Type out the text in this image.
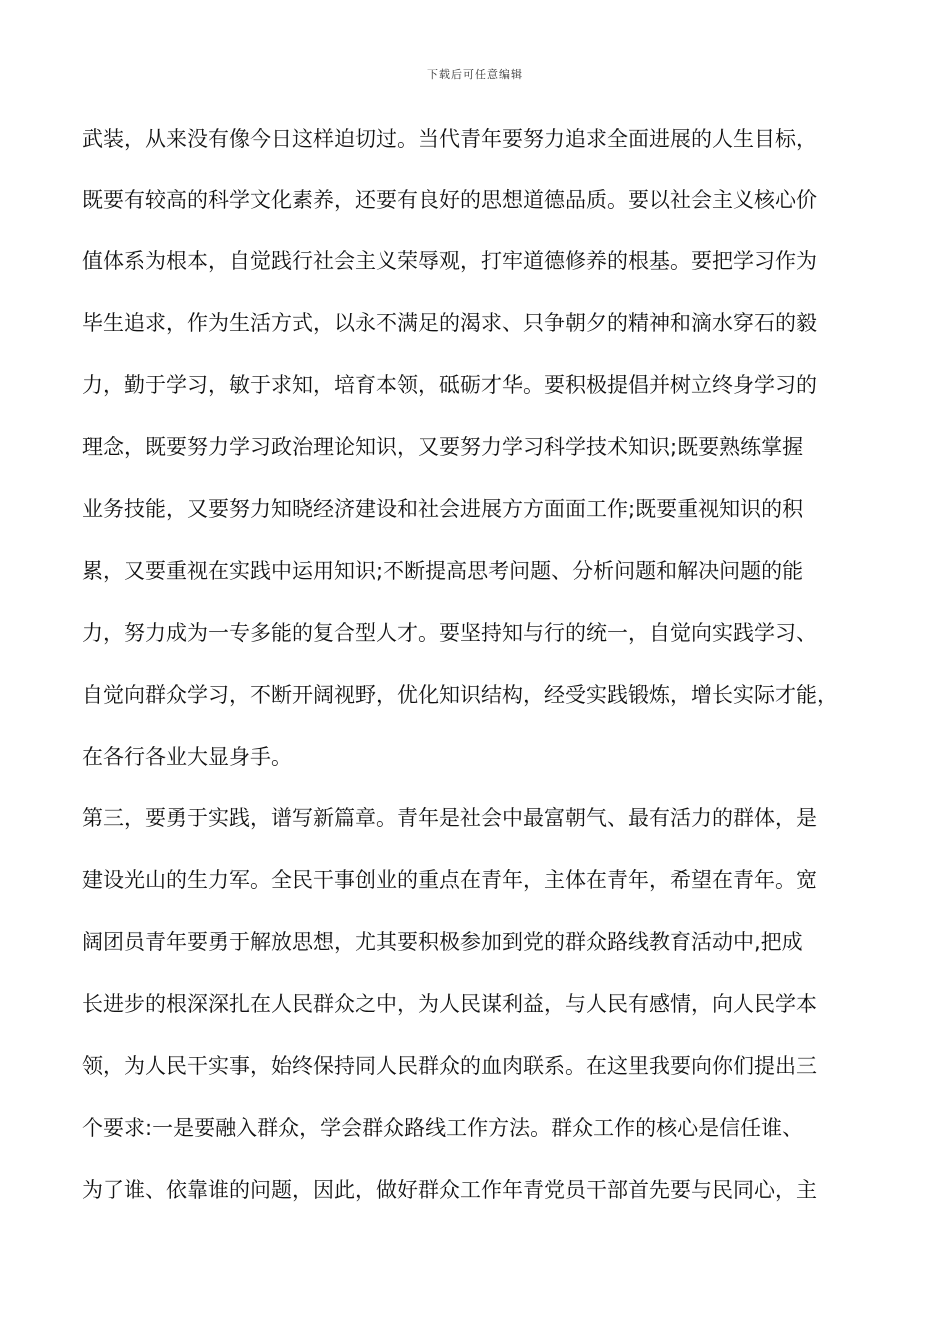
下载后可任意编辑
武装，从来没有像今日这样迫切过。当代青年要努力追求全面进展的人生目标，
既要有较高的科学文化素养，还要有良好的思想道德品质。要以社会主义核心价
值体系为根本，自觉践行社会主义荣辱观，打牢道德修养的根基。要把学习作为
毕生追求，作为生活方式，以永不满足的渴求、只争朝夕的精神和滴水穿石的毅
力，勤于学习，敏于求知，培育本领，砥砺才华。要积极提倡并树立终身学习的
理念，既要努力学习政治理论知识，又要努力学习科学技术知识;既要熟练掌握
业务技能，又要努力知晓经济建设和社会进展方方面面工作;既要重视知识的积
累，又要重视在实践中运用知识;不断提高思考问题、分析问题和解决问题的能
力，努力成为一专多能的复合型人才。要坚持知与行的统一，自觉向实践学习、
自觉向群众学习，不断开阔视野，优化知识结构，经受实践锻炼，增长实际才能，
在各行各业大显身手。
第三，要勇于实践，谱写新篇章。青年是社会中最富朝气、最有活力的群体，是
建设光山的生力军。全民干事创业的重点在青年，主体在青年，希望在青年。宽
阔团员青年要勇于解放思想，尤其要积极参加到党的群众路线教育活动中,把成
长进步的根深深扎在人民群众之中，为人民谋利益，与人民有感情，向人民学本
领，为人民干实事，始终保持同人民群众的血肉联系。在这里我要向你们提出三
个要求:一是要融入群众，学会群众路线工作方法。群众工作的核心是信任谁、
为了谁、依靠谁的问题，因此，做好群众工作年青党员干部首先要与民同心，主
